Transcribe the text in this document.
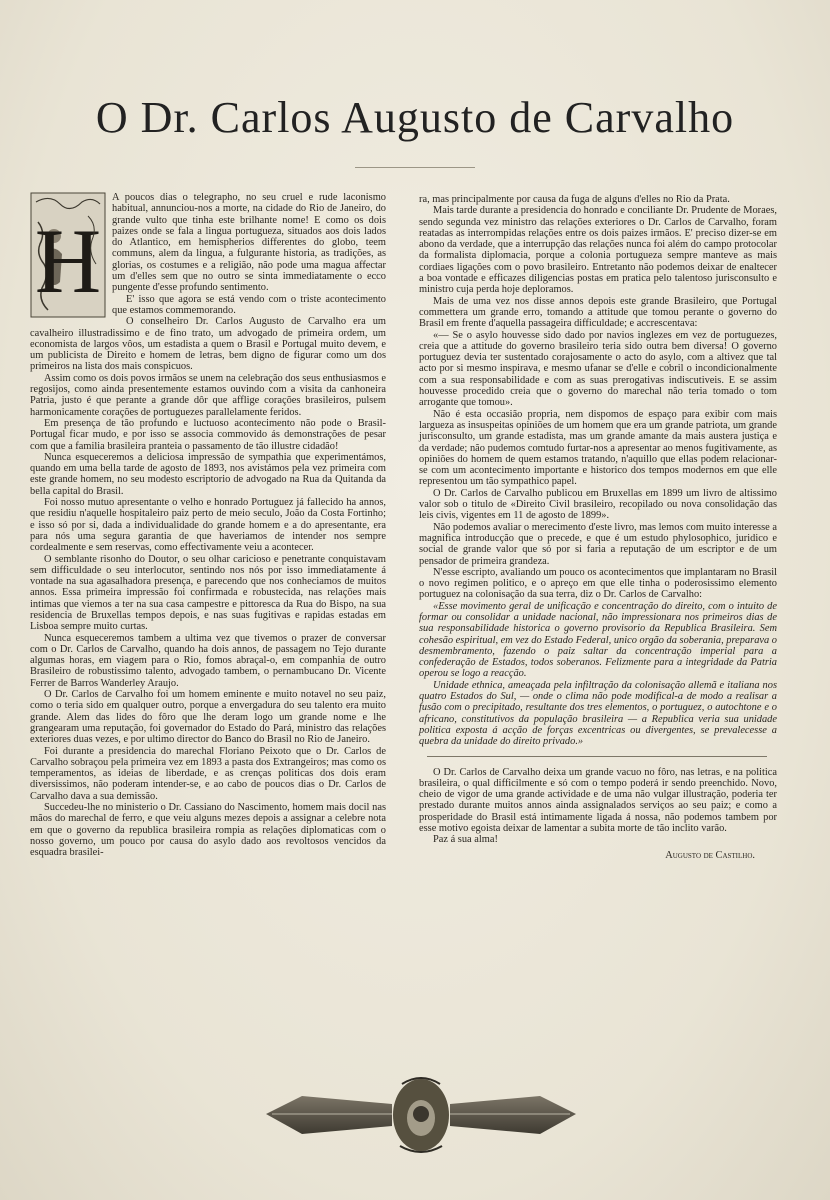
O Dr. Carlos Augusto de Carvalho
H

A poucos dias o telegrapho, no seu cruel e rude laconismo habitual, annunciou-nos a morte, na cidade do Rio de Janeiro, do grande vulto que tinha este brilhante nome! E como os dois paizes onde se fala a lingua portugueza, situados aos dois lados do Atlantico, em hemispherios differentes do globo, teem communs, alem da lingua, a fulgurante historia, as tradições, as glorias, os costumes e a religião, não pode uma magua affectar um d'elles sem que no outro se sinta immediatamente o ecco pungente d'esse profundo sentimento.

E' isso que agora se está vendo com o triste acontecimento que estamos commemorando.

O conselheiro Dr. Carlos Augusto de Carvalho era um cavalheiro illustradissimo e de fino trato, um advogado de primeira ordem, um economista de largos vôos, um estadista a quem o Brasil e Portugal muito devem, e um publicista de Direito e homem de letras, bem digno de figurar como um dos primeiros na lista dos mais conspicuos.

Assim como os dois povos irmãos se unem na celebração dos seus enthusiasmos e regosijos, como ainda presentemente estamos ouvindo com a visita da canhoneira Patria, justo é que perante a grande dôr que afflige corações brasileiros, pulsem harmonicamente corações de portuguezes parallelamente feridos.

Em presença de tão profundo e luctuoso acontecimento não pode o Brasil-Portugal ficar mudo, e por isso se associa commovido ás demonstrações de pesar com que a familia brasileira pranteia o passamento de tão illustre cidadão!

Nunca esqueceremos a deliciosa impressão de sympathia que experimentámos, quando em uma bella tarde de agosto de 1893, nos avistámos pela vez primeira com este grande homem, no seu modesto escriptorio de advogado na Rua da Quitanda da bella capital do Brasil.

Foi nosso mutuo apresentante o velho e honrado Portuguez já fallecido ha annos, que residiu n'aquelle hospitaleiro paiz perto de meio seculo, João da Costa Fortinho; e isso só por si, dada a individualidade do grande homem e a do apresentante, era para nós uma segura garantia de que haveriamos de intender nos sempre cordealmente e sem reservas, como effectivamente veiu a acontecer.

O semblante risonho do Doutor, o seu olhar caricioso e penetrante conquistavam sem difficuldade o seu interlocutor, sentindo nos nós por isso immediatamente á vontade na sua agasalhadora presença, e parecendo que nos conheciamos de muitos annos. Essa primeira impressão foi confirmada e robustecida, nas relações mais intimas que viemos a ter na sua casa campestre e pittoresca da Rua do Bispo, na sua residencia de Bruxellas tempos depois, e nas suas fugitivas e rapidas estadas em Lisboa sempre muito curtas.

Nunca esqueceremos tambem a ultima vez que tivemos o prazer de conversar com o Dr. Carlos de Carvalho, quando ha dois annos, de passagem no Tejo durante algumas horas, em viagem para o Rio, fomos abraçal-o, em companhia de outro Brasileiro de robustissimo talento, advogado tambem, o pernambucano Dr. Vicente Ferrer de Barros Wanderley Araujo.

O Dr. Carlos de Carvalho foi um homem eminente e muito notavel no seu paiz, como o teria sido em qualquer outro, porque a envergadura do seu talento era muito grande. Alem das lides do fôro que lhe deram logo um grande nome e lhe grangearam uma reputação, foi governador do Estado do Pará, ministro das relações exteriores duas vezes, e por ultimo director do Banco do Brasil no Rio de Janeiro.

Foi durante a presidencia do marechal Floriano Peixoto que o Dr. Carlos de Carvalho sobraçou pela primeira vez em 1893 a pasta dos Extrangeiros; mas como os temperamentos, as ideias de liberdade, e as crenças politicas dos dois eram diversissimos, não poderam intender-se, e ao cabo de poucos dias o Dr. Carlos de Carvalho dava a sua demissão.

Succedeu-lhe no ministerio o Dr. Cassiano do Nascimento, homem mais docil nas mãos do marechal de ferro, e que veiu alguns mezes depois a assignar a celebre nota em que o governo da republica brasileira rompia as relações diplomaticas com o nosso governo, um pouco por causa do asylo dado aos revoltosos vencidos da esquadra brasilei-

ra, mas principalmente por causa da fuga de alguns d'elles no Rio da Prata.

Mais tarde durante a presidencia do honrado e conciliante Dr. Prudente de Moraes, sendo segunda vez ministro das relações exteriores o Dr. Carlos de Carvalho, foram reatadas as interrompidas relações entre os dois paizes irmãos. E' preciso dizer-se em abono da verdade, que a interrupção das relações nunca foi além do campo protocolar da formalista diplomacia, porque a colonia portugueza sempre manteve as mais cordiaes ligações com o povo brasileiro. Entretanto não podemos deixar de enaltecer a boa vontade e efficazes diligencias postas em pratica pelo talentoso jurisconsulto e ministro cuja perda hoje deploramos.

Mais de uma vez nos disse annos depois este grande Brasileiro, que Portugal commettera um grande erro, tomando a attitude que tomou perante o governo do Brasil em frente d'aquella passageira difficuldade; e accrescentava:

«— Se o asylo houvesse sido dado por navios inglezes em vez de portuguezes, creia que a attitude do governo brasileiro teria sido outra bem diversa! O governo portuguez devia ter sustentado corajosamente o acto do asylo, com a altivez que tal acto por si mesmo inspirava, e mesmo ufanar se d'elle e cobril o incondicionalmente com a sua responsabilidade e com as suas prerogativas indiscutiveis. E se assim houvesse procedido creia que o governo do marechal não teria tomado o tom arrogante que tomou».

Não é esta occasião propria, nem dispomos de espaço para exibir com mais largueza as insuspeitas opiniões de um homem que era um grande patriota, um grande jurisconsulto, um grande estadista, mas um grande amante da mais austera justiça e da verdade; não pudemos comtudo furtar-nos a apresentar ao menos fugitivamente, as opiniões do homem de quem estamos tratando, n'aquillo que ellas podem relacionar-se com um acontecimento importante e historico dos tempos modernos em que elle representou um tão sympathico papel.

O Dr. Carlos de Carvalho publicou em Bruxellas em 1899 um livro de altissimo valor sob o titulo de «Direito Civil brasileiro, recopilado ou nova consolidação das leis civis, vigentes em 11 de agosto de 1899».

Não podemos avaliar o merecimento d'este livro, mas lemos com muito interesse a magnifica introducção que o precede, e que é um estudo phylosophico, juridico e social de grande valor que só por si faria a reputação de um escriptor e de um pensador de primeira grandeza.

N'esse escripto, avaliando um pouco os acontecimentos que implantaram no Brasil o novo regimen politico, e o apreço em que elle tinha o poderosissimo elemento portuguez na colonisação da sua terra, diz o Dr. Carlos de Carvalho:

«Esse movimento geral de unificação e concentração do direito, com o intuito de formar ou consolidar a unidade nacional, não impressionara nos primeiros dias de sua responsabilidade historica o governo provisorio da Republica Brasileira. Sem cohesão espiritual, em vez do Estado Federal, unico orgão da soberania, preparava o desmembramento, fazendo o paiz saltar da concentração imperial para a confederação de Estados, todos soberanos. Felizmente para a integridade da Patria operou se logo a reacção.

Unidade ethnica, ameaçada pela infiltração da colonisação allemã e italiana nos quatro Estados do Sul, — onde o clima não pode modifical-a de modo a realisar a fusão com o precipitado, resultante dos tres elementos, o portuguez, o autochtone e o africano, constitutivos da população brasileira — a Republica veria sua unidade politica exposta á acção de forças excentricas ou divergentes, se prevalecesse a quebra da unidade do direito privado.»

O Dr. Carlos de Carvalho deixa um grande vacuo no fôro, nas letras, e na politica brasileira, o qual difficilmente e só com o tempo poderá ir sendo preenchido. Novo, cheio de vigor de uma grande actividade e de uma não vulgar illustração, poderia ter prestado durante muitos annos ainda assignalados serviços ao seu paiz; e como a prosperidade do Brasil está intimamente ligada á nossa, não podemos tambem por esse motivo egoista deixar de lamentar a subita morte de tão inclito varão.

Paz á sua alma!

Augusto de Castilho.
